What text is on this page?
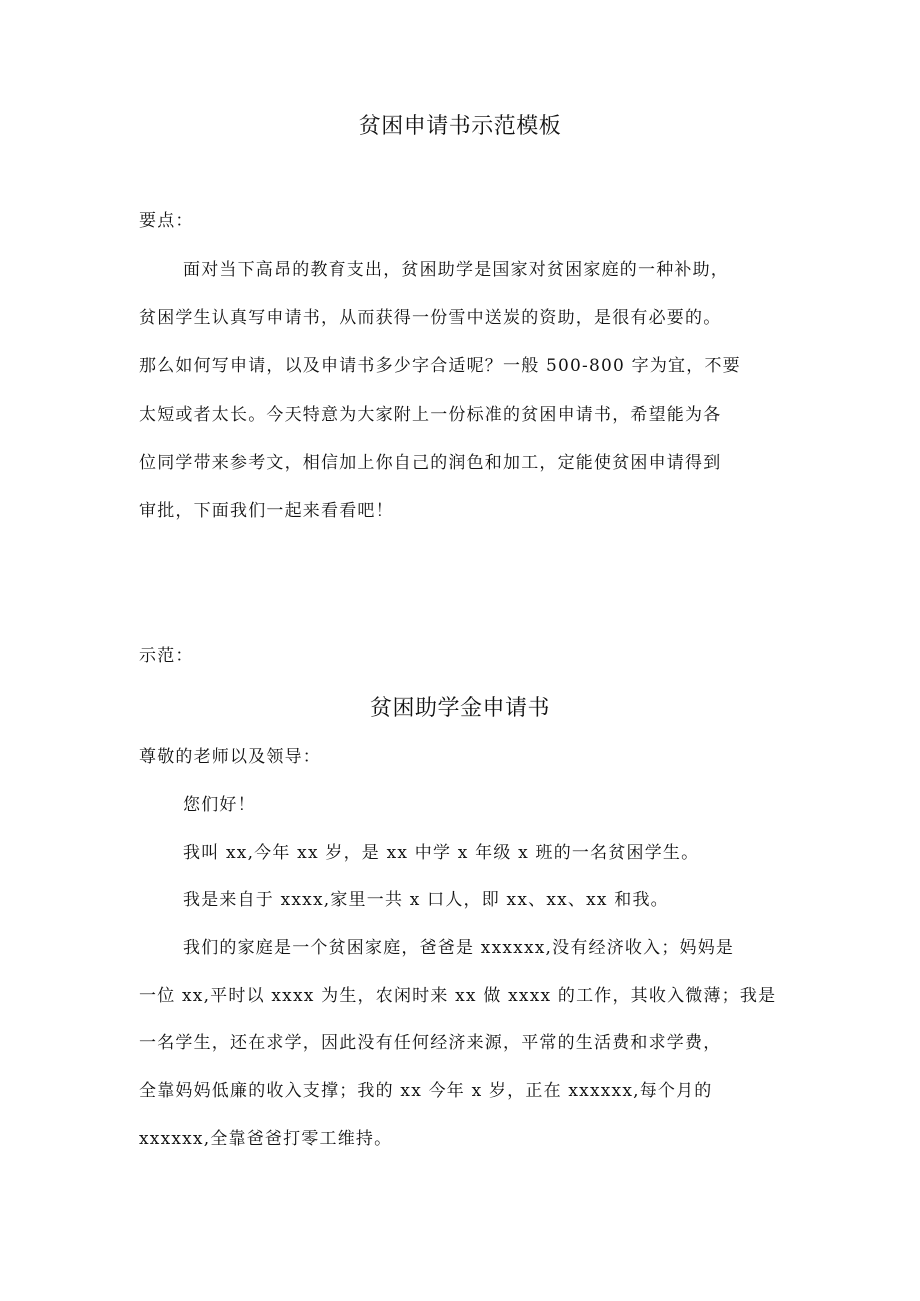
贫困申请书示范模板
要点：
面对当下高昂的教育支出，贫困助学是国家对贫困家庭的一种补助，
贫困学生认真写申请书，从而获得一份雪中送炭的资助，是很有必要的。
那么如何写申请，以及申请书多少字合适呢？一般 500-800 字为宜，不要
太短或者太长。今天特意为大家附上一份标准的贫困申请书，希望能为各
位同学带来参考文，相信加上你自己的润色和加工，定能使贫困申请得到
审批，下面我们一起来看看吧！
示范：
贫困助学金申请书
尊敬的老师以及领导：
您们好！
我叫 xx,今年 xx 岁，是 xx 中学 x 年级 x 班的一名贫困学生。
我是来自于 xxxx,家里一共 x 口人，即 xx、xx、xx 和我。
我们的家庭是一个贫困家庭，爸爸是 xxxxxx,没有经济收入；妈妈是
一位 xx,平时以 xxxx 为生，农闲时来 xx 做 xxxx 的工作，其收入微薄；我是
一名学生，还在求学，因此没有任何经济来源，平常的生活费和求学费，
全靠妈妈低廉的收入支撑；我的 xx 今年 x 岁，正在 xxxxxx,每个月的
xxxxxx,全靠爸爸打零工维持。
